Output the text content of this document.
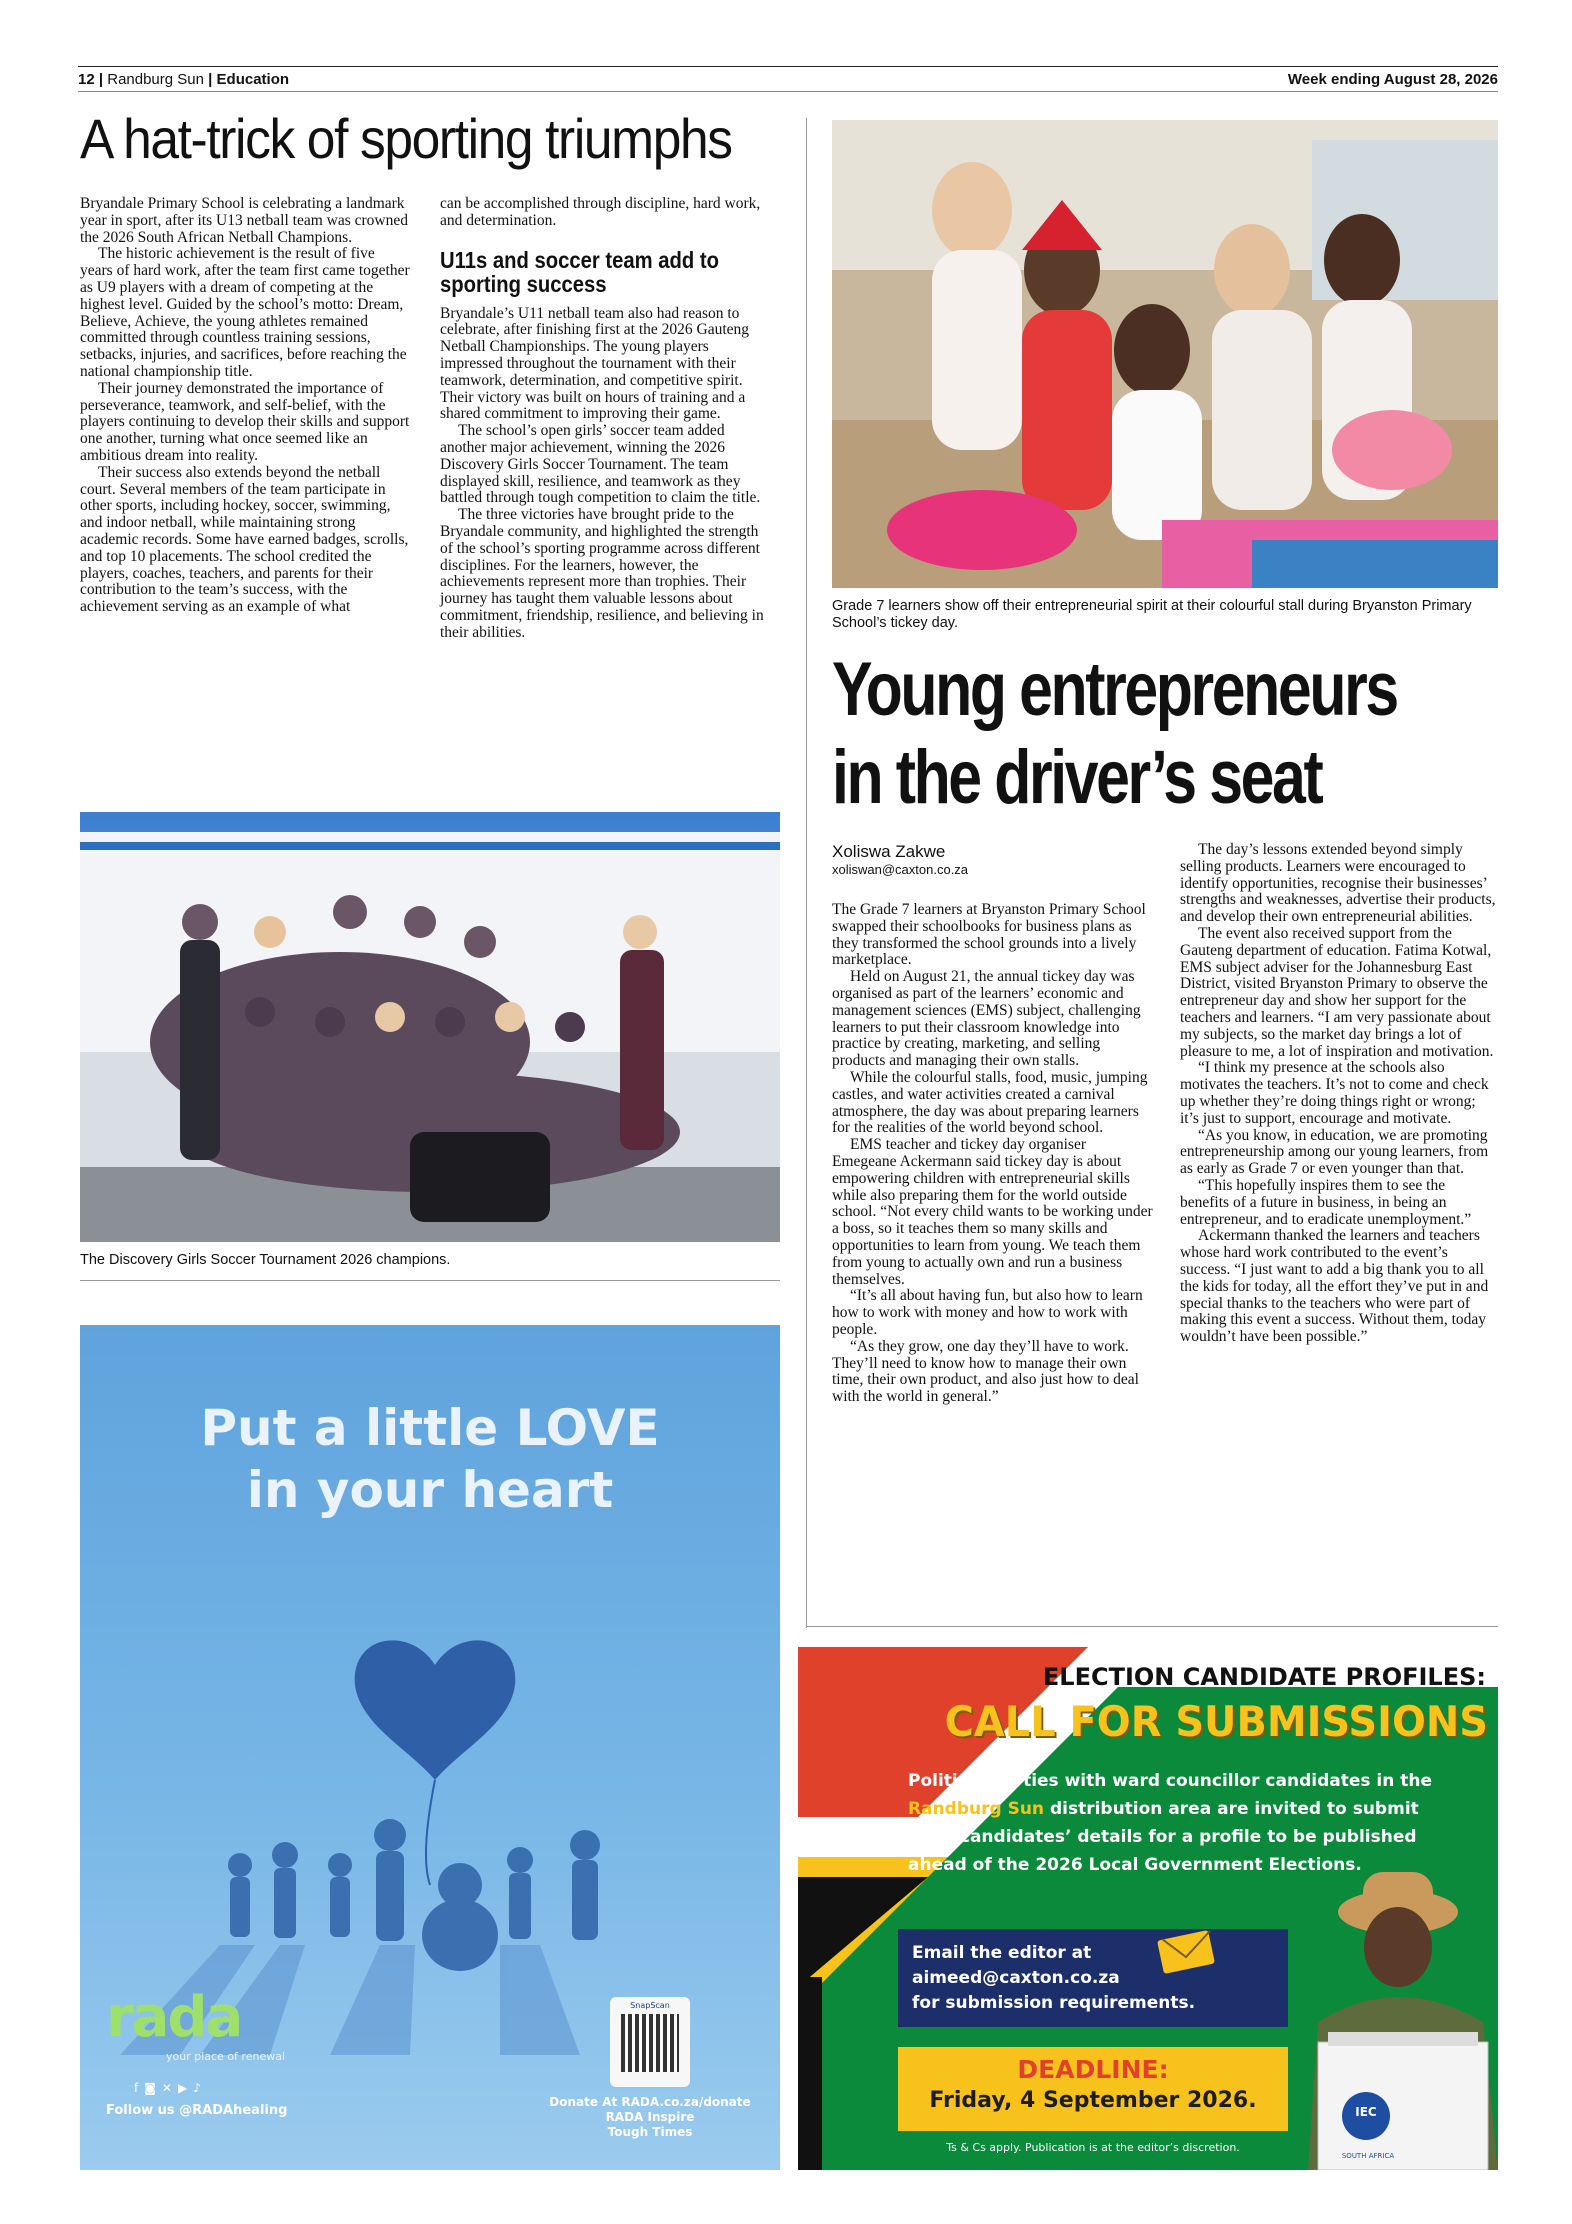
12 | Randburg Sun | Education	Week ending August 28, 2026
A hat-trick of sporting triumphs

Bryandale Primary School is celebrating a landmark year in sport, after its U13 netball team was crowned the 2026 South African Netball Champions.

The historic achievement is the result of five years of hard work, after the team first came together as U9 players with a dream of competing at the highest level. Guided by the school’s motto: Dream, Believe, Achieve, the young athletes remained committed through countless training sessions, setbacks, injuries, and sacrifices, before reaching the national championship title.

Their journey demonstrated the importance of perseverance, teamwork, and self-belief, with the players continuing to develop their skills and support one another, turning what once seemed like an ambitious dream into reality.

Their success also extends beyond the netball court. Several members of the team participate in other sports, including hockey, soccer, swimming, and indoor netball, while maintaining strong academic records. Some have earned badges, scrolls, and top 10 placements. The school credited the players, coaches, teachers, and parents for their contribution to the team’s success, with the achievement serving as an example of what

can be accomplished through discipline, hard work, and determination.

U11s and soccer team add to sporting success

Bryandale’s U11 netball team also had reason to celebrate, after finishing first at the 2026 Gauteng Netball Championships. The young players impressed throughout the tournament with their teamwork, determination, and competitive spirit. Their victory was built on hours of training and a shared commitment to improving their game.

The school’s open girls’ soccer team added another major achievement, winning the 2026 Discovery Girls Soccer Tournament. The team displayed skill, resilience, and teamwork as they battled through tough competition to claim the title.

The three victories have brought pride to the Bryandale community, and highlighted the strength of the school’s sporting programme across different disciplines. For the learners, however, the achievements represent more than trophies. Their journey has taught them valuable lessons about commitment, friendship, resilience, and believing in their abilities.

The Discovery Girls Soccer Tournament 2026 champions.
Grade 7 learners show off their entrepreneurial spirit at their colourful stall during Bryanston Primary School’s tickey day.
Young entrepreneurs
in the driver’s seat
Xoliswa Zakwe
xoliswan@caxton.co.za

The Grade 7 learners at Bryanston Primary School swapped their schoolbooks for business plans as they transformed the school grounds into a lively marketplace.

Held on August 21, the annual tickey day was organised as part of the learners’ economic and management sciences (EMS) subject, challenging learners to put their classroom knowledge into practice by creating, marketing, and selling products and managing their own stalls.

While the colourful stalls, food, music, jumping castles, and water activities created a carnival atmosphere, the day was about preparing learners for the realities of the world beyond school.

EMS teacher and tickey day organiser Emegeane Ackermann said tickey day is about empowering children with entrepreneurial skills while also preparing them for the world outside school. “Not every child wants to be working under a boss, so it teaches them so many skills and opportunities to learn from young. We teach them from young to actually own and run a business themselves.

“It’s all about having fun, but also how to learn how to work with money and how to work with people.

“As they grow, one day they’ll have to work. They’ll need to know how to manage their own time, their own product, and also just how to deal with the world in general.”

The day’s lessons extended beyond simply selling products. Learners were encouraged to identify opportunities, recognise their businesses’ strengths and weaknesses, advertise their products, and develop their own entrepreneurial abilities.

The event also received support from the Gauteng department of education. Fatima Kotwal, EMS subject adviser for the Johannesburg East District, visited Bryanston Primary to observe the entrepreneur day and show her support for the teachers and learners. “I am very passionate about my subjects, so the market day brings a lot of pleasure to me, a lot of inspiration and motivation.

“I think my presence at the schools also motivates the teachers. It’s not to come and check up whether they’re doing things right or wrong; it’s just to support, encourage and motivate.

“As you know, in education, we are promoting entrepreneurship among our young learners, from as early as Grade 7 or even younger than that.

“This hopefully inspires them to see the benefits of a future in business, in being an entrepreneur, and to eradicate unemployment.”

Ackermann thanked the learners and teachers whose hard work contributed to the event’s success. “I just want to add a big thank you to all the kids for today, all the effort they’ve put in and special thanks to the teachers who were part of making this event a success. Without them, today wouldn’t have been possible.”

Put a little LOVE
in your heart
rada
your place of renewal
f◙✕▶♪
Follow us @RADAhealing
SnapScan
Donate At RADA.co.za/donate
RADA Inspire
Tough Times
ELECTION CANDIDATE PROFILES:
CALL FOR SUBMISSIONS
Political parties with ward councillor candidates in the Randburg Sun distribution area are invited to submit their candidates’ details for a profile to be published ahead of the 2026 Local Government Elections.
Email the editor at
aimeed@caxton.co.za
for submission requirements.
DEADLINE:
Friday, 4 September 2026.
Ts & Cs apply. Publication is at the editor’s discretion.
IEC
SOUTH AFRICA
